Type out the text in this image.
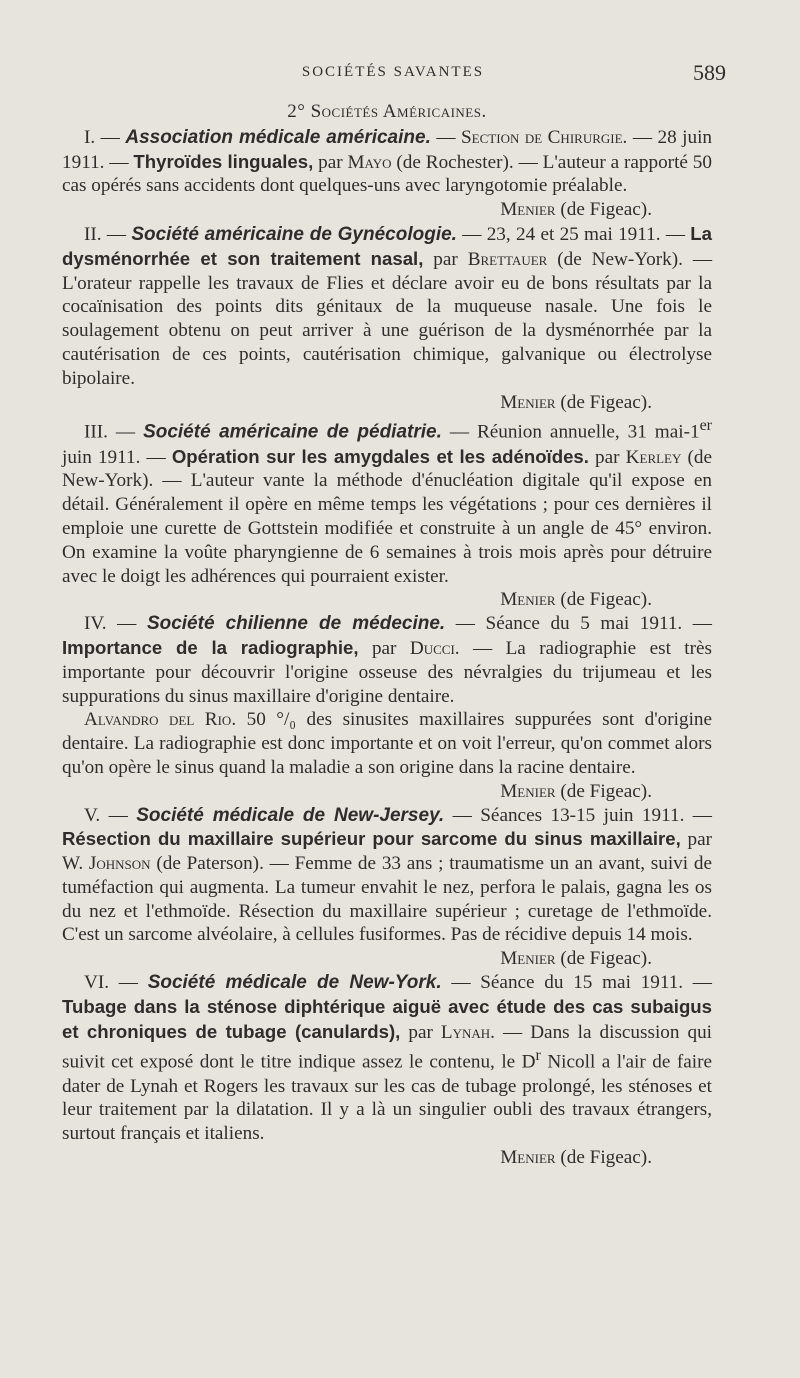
SOCIÉTÉS SAVANTES	589
2° Sociétés Américaines.

I. — Association médicale américaine. — Section de Chirurgie. — 28 juin 1911. — Thyroïdes linguales, par Mayo (de Rochester). — L'auteur a rapporté 50 cas opérés sans accidents dont quelques-uns avec laryngotomie préalable.
Menier (de Figeac).

II. — Société américaine de Gynécologie. — 23, 24 et 25 mai 1911. — La dysménorrhée et son traitement nasal, par Brettauer (de New-York). — L'orateur rappelle les travaux de Flies et déclare avoir eu de bons résultats par la cocaïnisation des points dits génitaux de la muqueuse nasale. Une fois le soulagement obtenu on peut arriver à une guérison de la dysménorrhée par la cautérisation de ces points, cautérisation chimique, galvanique ou électrolyse bipolaire.
Menier (de Figeac).

III. — Société américaine de pédiatrie. — Réunion annuelle, 31 mai-1er juin 1911. — Opération sur les amygdales et les adénoïdes. par Kerley (de New-York). — L'auteur vante la méthode d'énucléation digitale qu'il expose en détail. Généralement il opère en même temps les végétations ; pour ces dernières il emploie une curette de Gottstein modifiée et construite à un angle de 45° environ. On examine la voûte pharyngienne de 6 semaines à trois mois après pour détruire avec le doigt les adhérences qui pourraient exister.
Menier (de Figeac).

IV. — Société chilienne de médecine. — Séance du 5 mai 1911. — Importance de la radiographie, par Ducci. — La radiographie est très importante pour découvrir l'origine osseuse des névralgies du trijumeau et les suppurations du sinus maxillaire d'origine dentaire.

Alvandro del Rio. 50 °/₀ des sinusites maxillaires suppurées sont d'origine dentaire. La radiographie est donc importante et on voit l'erreur, qu'on commet alors qu'on opère le sinus quand la maladie a son origine dans la racine dentaire.
Menier (de Figeac).

V. — Société médicale de New-Jersey. — Séances 13-15 juin 1911. — Résection du maxillaire supérieur pour sarcome du sinus maxillaire, par W. Johnson (de Paterson). — Femme de 33 ans ; traumatisme un an avant, suivi de tuméfaction qui augmenta. La tumeur envahit le nez, perfora le palais, gagna les os du nez et l'ethmoïde. Résection du maxillaire supérieur ; curetage de l'ethmoïde. C'est un sarcome alvéolaire, à cellules fusiformes. Pas de récidive depuis 14 mois.
Menier (de Figeac).

VI. — Société médicale de New-York. — Séance du 15 mai 1911. — Tubage dans la sténose diphtérique aiguë avec étude des cas subaigus et chroniques de tubage (canulards), par Lynah. — Dans la discussion qui suivit cet exposé dont le titre indique assez le contenu, le $D^r$ Nicoll a l'air de faire dater de Lynah et Rogers les travaux sur les cas de tubage prolongé, les sténoses et leur traitement par la dilatation. Il y a là un singulier oubli des travaux étrangers, surtout français et italiens.
Menier (de Figeac).
